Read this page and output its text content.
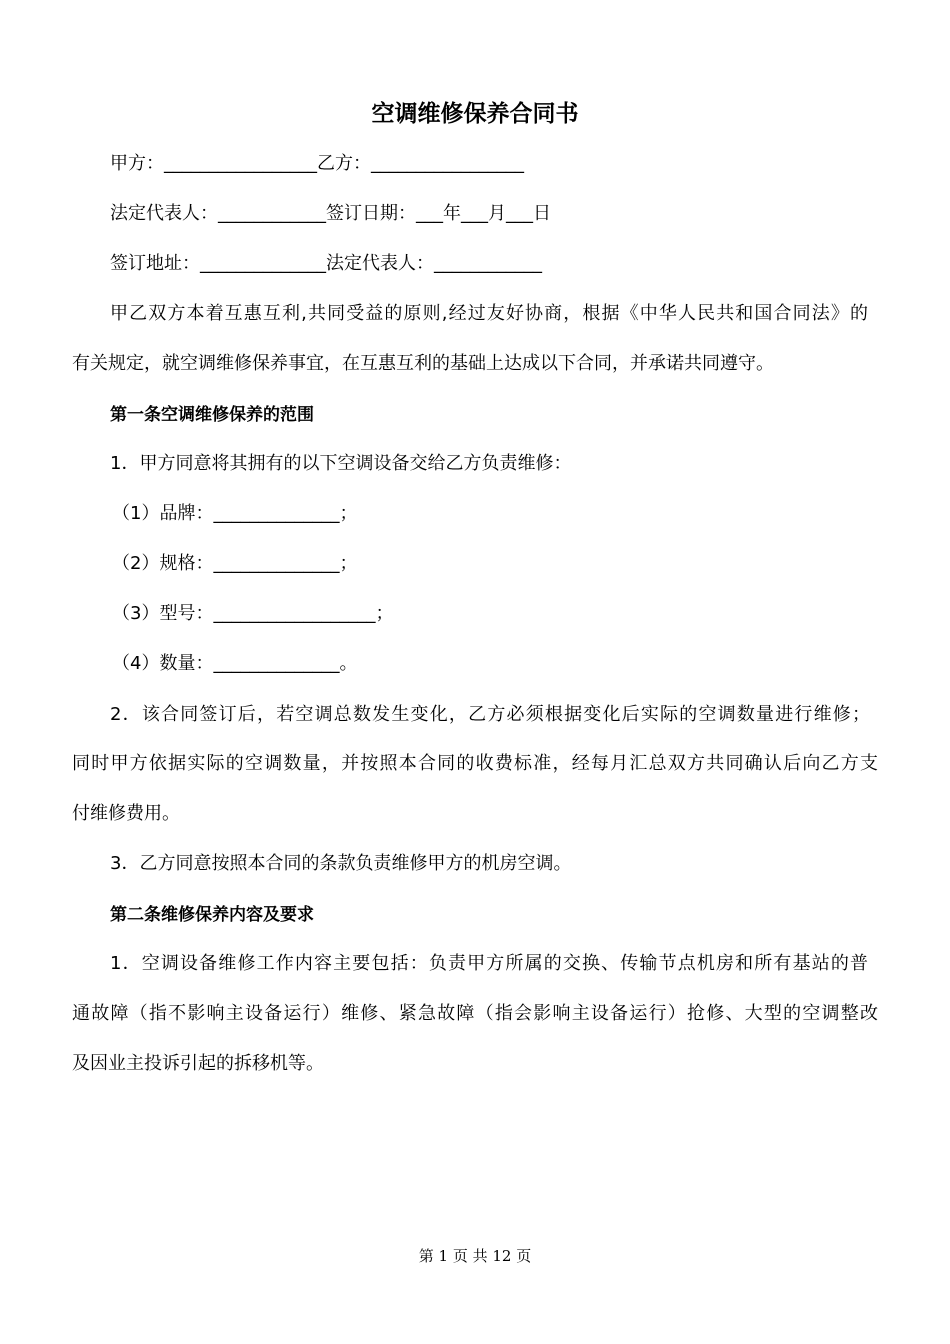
空调维修保养合同书
甲方：_________________乙方：_________________
法定代表人：____________签订日期：___年___月___日
签订地址：______________法定代表人：____________
甲乙双方本着互惠互利,共同受益的原则,经过友好协商，根据《中华人民共和国合同法》的
有关规定，就空调维修保养事宜，在互惠互利的基础上达成以下合同，并承诺共同遵守。
第一条空调维修保养的范围
1．甲方同意将其拥有的以下空调设备交给乙方负责维修：
（1）品牌：______________；
（2）规格：______________；
（3）型号：__________________；
（4）数量：______________。
2．该合同签订后，若空调总数发生变化，乙方必须根据变化后实际的空调数量进行维修；
同时甲方依据实际的空调数量，并按照本合同的收费标准，经每月汇总双方共同确认后向乙方支
付维修费用。
3．乙方同意按照本合同的条款负责维修甲方的机房空调。
第二条维修保养内容及要求
1．空调设备维修工作内容主要包括：负责甲方所属的交换、传输节点机房和所有基站的普
通故障（指不影响主设备运行）维修、紧急故障（指会影响主设备运行）抢修、大型的空调整改
及因业主投诉引起的拆移机等。
第 1 页 共 12 页
